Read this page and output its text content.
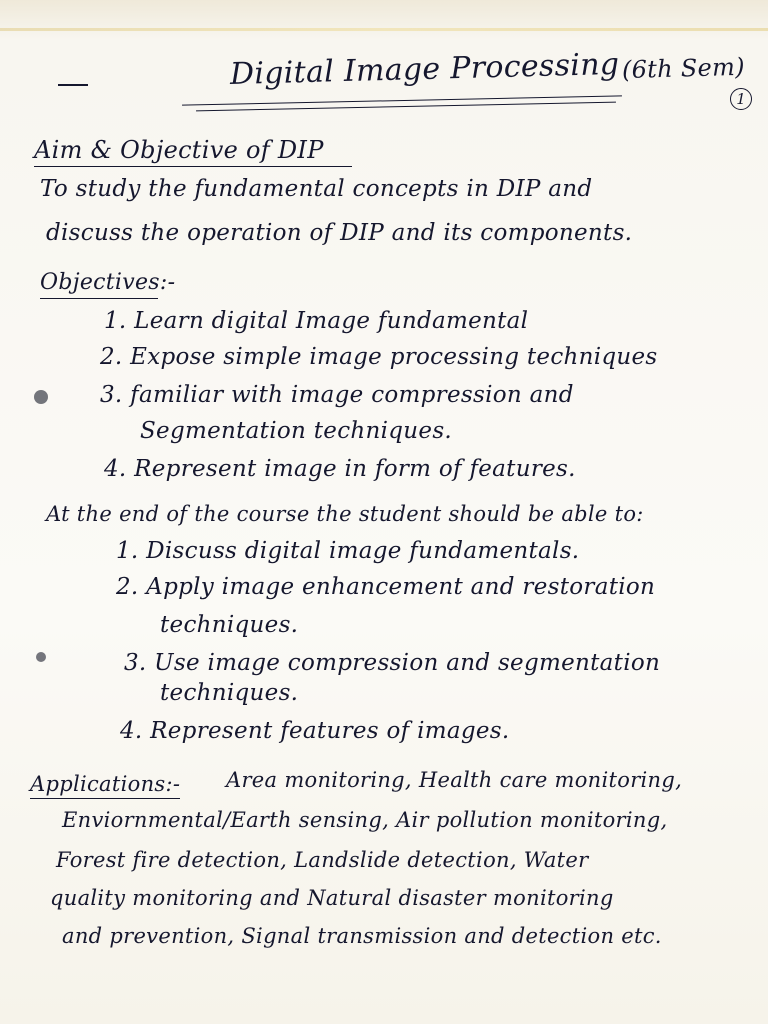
Digital Image Processing (6th Sem)
1
Aim & Objective of DIP
To study the fundamental concepts in DIP and
discuss the operation of DIP and its components.
Objectives:-
1. Learn digital Image fundamental
2. Expose simple image processing techniques
3. familiar with image compression and
Segmentation techniques.
4. Represent image in form of features.
At the end of the course the student should be able to:
1. Discuss digital image fundamentals.
2. Apply image enhancement and restoration
techniques.
3. Use image compression and segmentation
techniques.
4. Represent features of images.
Applications:- Area monitoring, Health care monitoring,
Enviornmental/Earth sensing, Air pollution monitoring,
Forest fire detection, Landslide detection, Water
quality monitoring and Natural disaster monitoring
and prevention, Signal transmission and detection etc.
